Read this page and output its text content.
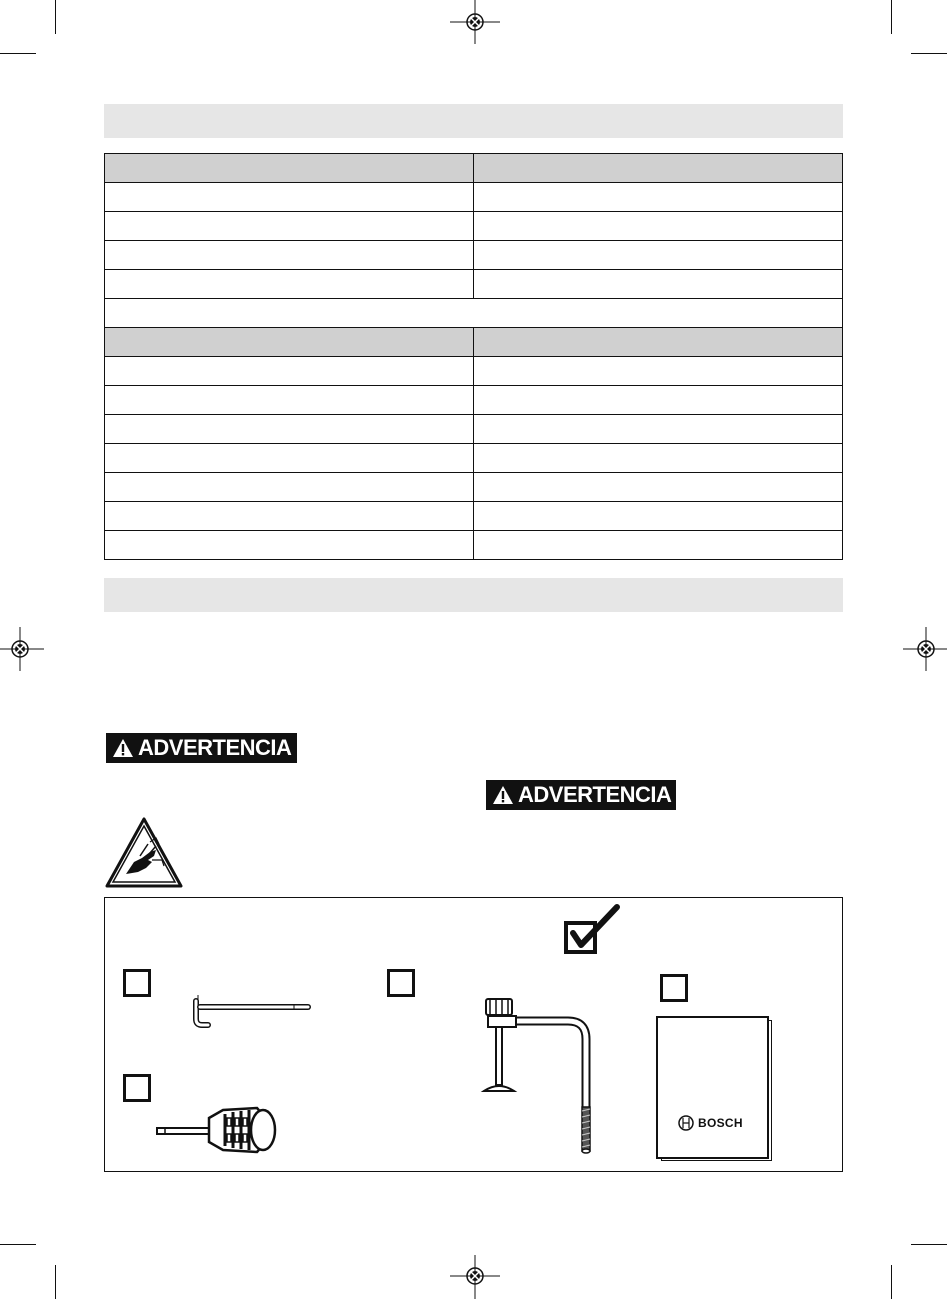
ADVERTENCIA
ADVERTENCIA
BOSCH
